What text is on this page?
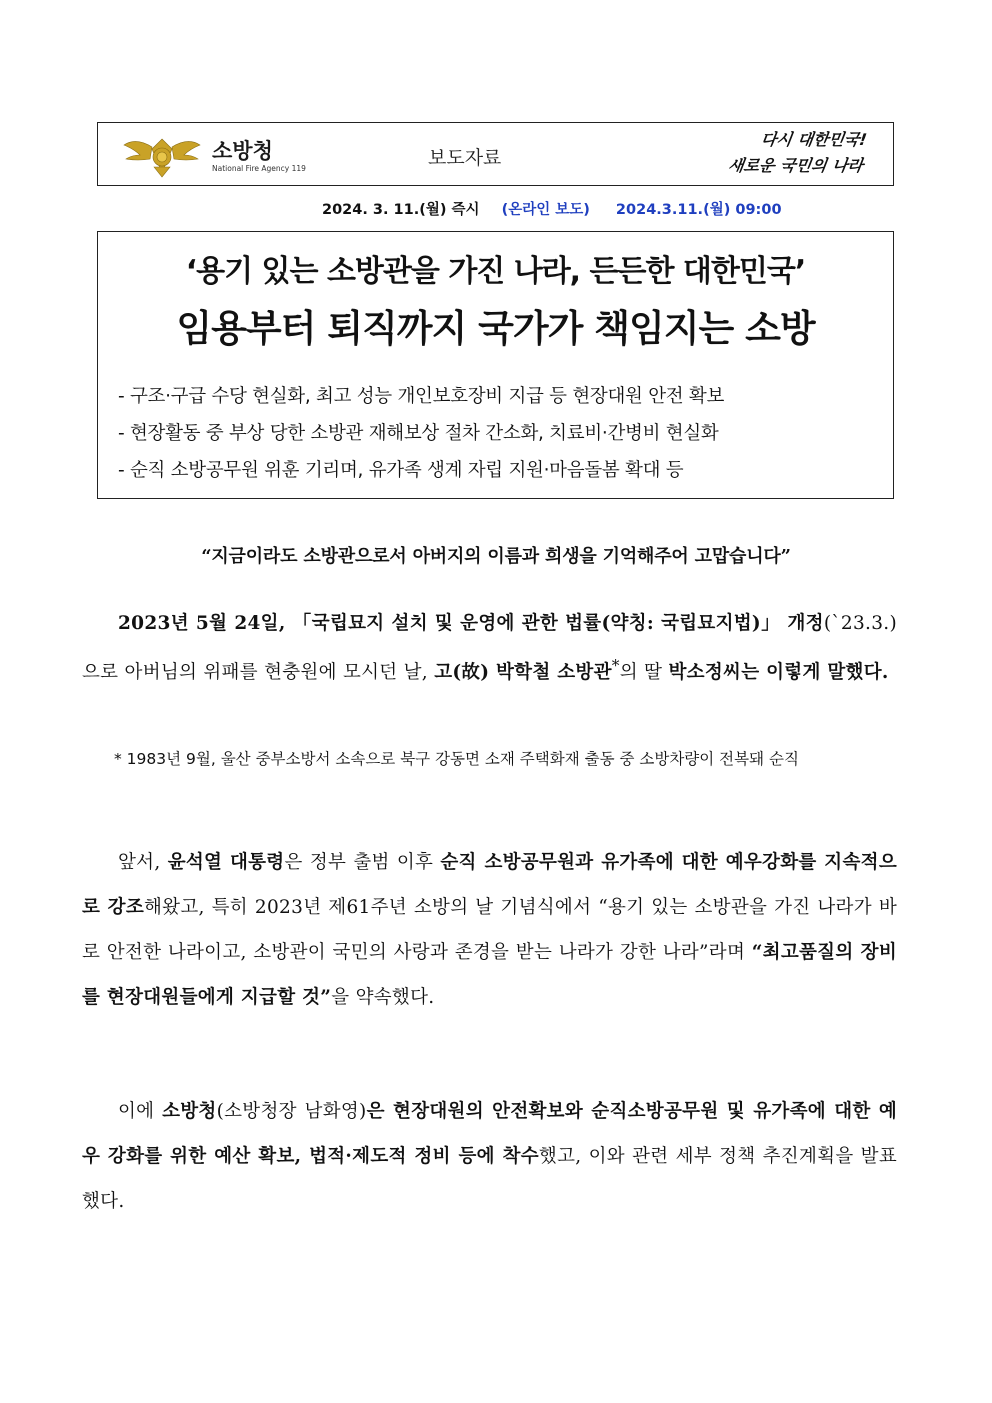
소방청
National Fire Agency 119	보도자료
다시 대한민국!
새로운 국민의 나라
2024. 3. 11.(월) 즉시 (온라인 보도) 2024.3.11.(월) 09:00
‘용기 있는 소방관을 가진 나라, 든든한 대한민국’
임용부터 퇴직까지 국가가 책임지는 소방
- 구조·구급 수당 현실화, 최고 성능 개인보호장비 지급 등 현장대원 안전 확보
- 현장활동 중 부상 당한 소방관 재해보상 절차 간소화, 치료비·간병비 현실화
- 순직 소방공무원 위훈 기리며, 유가족 생계 자립 지원·마음돌봄 확대 등
“지금이라도 소방관으로서 아버지의 이름과 희생을 기억해주어 고맙습니다”
2023년 5월 24일, 「국립묘지 설치 및 운영에 관한 법률(약칭: 국립묘지법)」 개정(`23.3.)으로 아버님의 위패를 현충원에 모시던 날, 고(故) 박학철 소방관*의 딸 박소정씨는 이렇게 말했다.
* 1983년 9월, 울산 중부소방서 소속으로 북구 강동면 소재 주택화재 출동 중 소방차량이 전복돼 순직
앞서, 윤석열 대통령은 정부 출범 이후 순직 소방공무원과 유가족에 대한 예우강화를 지속적으로 강조해왔고, 특히 2023년 제61주년 소방의 날 기념식에서 “용기 있는 소방관을 가진 나라가 바로 안전한 나라이고, 소방관이 국민의 사랑과 존경을 받는 나라가 강한 나라”라며 “최고품질의 장비를 현장대원들에게 지급할 것”을 약속했다.
이에 소방청(소방청장 남화영)은 현장대원의 안전확보와 순직소방공무원 및 유가족에 대한 예우 강화를 위한 예산 확보, 법적·제도적 정비 등에 착수했고, 이와 관련 세부 정책 추진계획을 발표했다.
